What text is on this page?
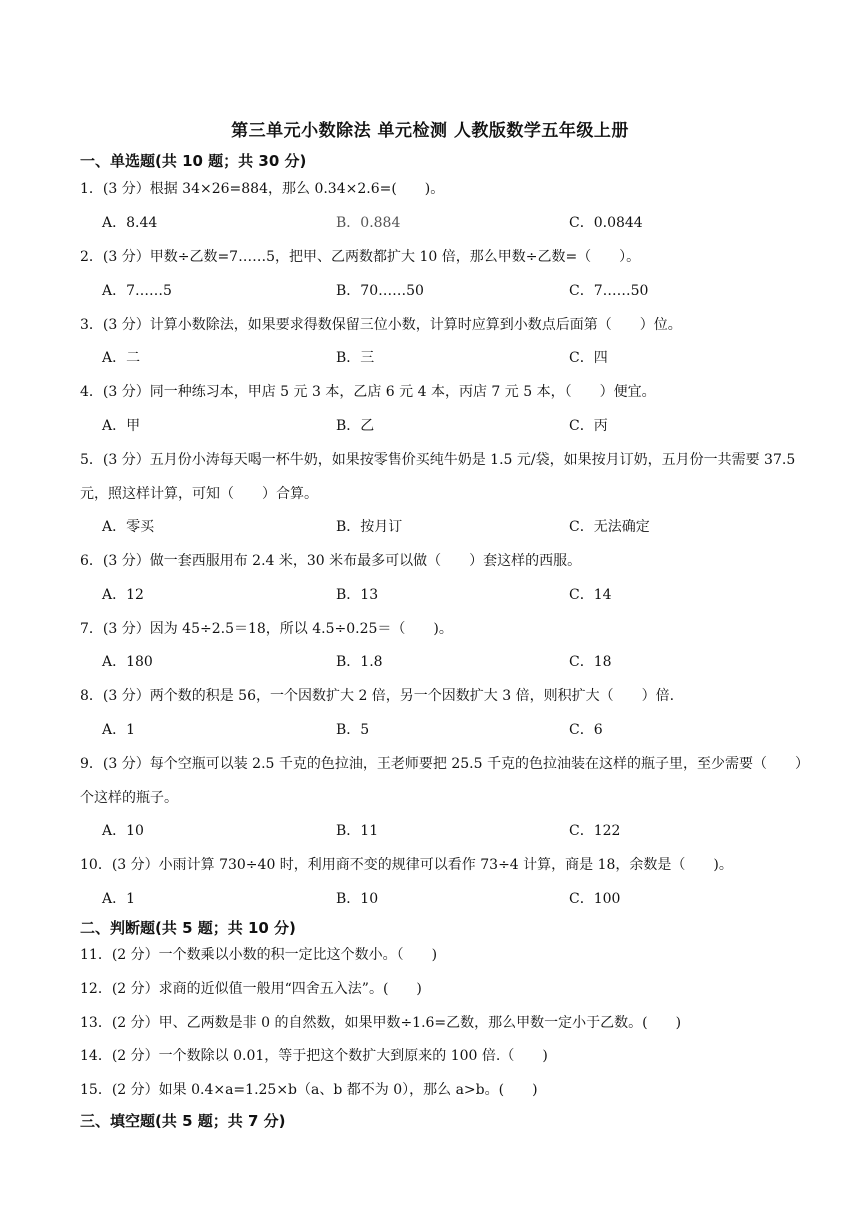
第三单元小数除法 单元检测 人教版数学五年级上册
一、单选题(共 10 题；共 30 分)
1．(3 分）根据 34×26=884，那么 0.34×2.6=(　　)。
A．8.44	B．0.884	C．0.0844
2．(3 分）甲数÷乙数=7……5，把甲、乙两数都扩大 10 倍，那么甲数÷乙数=（　　）。
A．7……5	B．70……50	C．7……50
3．(3 分）计算小数除法，如果要求得数保留三位小数，计算时应算到小数点后面第（　　）位。
A．二	B．三	C．四
4．(3 分）同一种练习本，甲店 5 元 3 本，乙店 6 元 4 本，丙店 7 元 5 本，（　　）便宜。
A．甲	B．乙	C．丙
5．(3 分）五月份小涛每天喝一杯牛奶，如果按零售价买纯牛奶是 1.5 元/袋，如果按月订奶，五月份一共需要 37.5 元，照这样计算，可知（　　）合算。
A．零买	B．按月订	C．无法确定
6．(3 分）做一套西服用布 2.4 米，30 米布最多可以做（　　）套这样的西服。
A．12	B．13	C．14
7．(3 分）因为 45÷2.5＝18，所以 4.5÷0.25＝（　　)。
A．180	B．1.8	C．18
8．(3 分）两个数的积是 56，一个因数扩大 2 倍，另一个因数扩大 3 倍，则积扩大（　　）倍.
A．1	B．5	C．6
9．(3 分）每个空瓶可以装 2.5 千克的色拉油，王老师要把 25.5 千克的色拉油装在这样的瓶子里，至少需要（　　）个这样的瓶子。
A．10	B．11	C．122
10．(3 分）小雨计算 730÷40 时，利用商不变的规律可以看作 73÷4 计算，商是 18，余数是（　　)。
A．1	B．10	C．100
二、判断题(共 5 题；共 10 分)
11．(2 分）一个数乘以小数的积一定比这个数小。（　　)
12．(2 分）求商的近似值一般用“四舍五入法”。(　　)
13．(2 分）甲、乙两数是非 0 的自然数，如果甲数÷1.6=乙数，那么甲数一定小于乙数。(　　)
14．(2 分）一个数除以 0.01，等于把这个数扩大到原来的 100 倍.（　　)
15．(2 分）如果 0.4×a=1.25×b（a、b 都不为 0），那么 a>b。(　　)
三、填空题(共 5 题；共 7 分)
